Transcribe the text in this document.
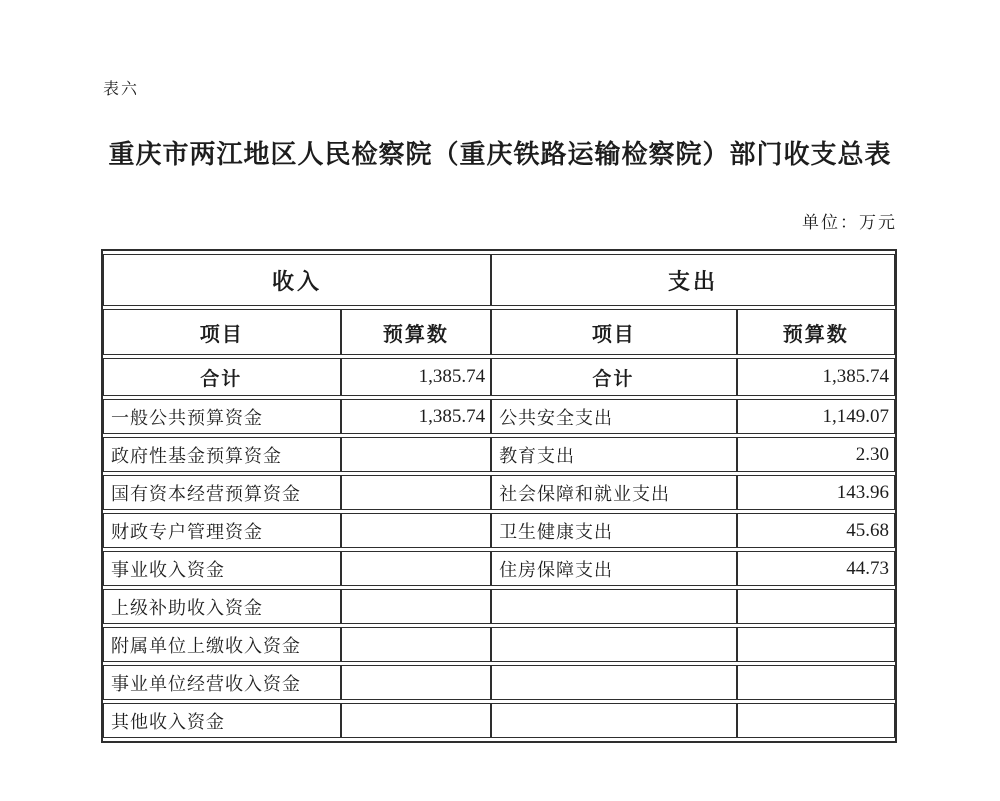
表六
重庆市两江地区人民检察院（重庆铁路运输检察院）部门收支总表
单位：万元
收入		支出	
项目	预算数	项目	预算数
合计	1,385.74	合计	1,385.74
一般公共预算资金	1,385.74	公共安全支出	1,149.07
政府性基金预算资金		教育支出	2.30
国有资本经营预算资金		社会保障和就业支出	143.96
财政专户管理资金		卫生健康支出	45.68
事业收入资金		住房保障支出	44.73
上级补助收入资金			
附属单位上缴收入资金			
事业单位经营收入资金			
其他收入资金			
